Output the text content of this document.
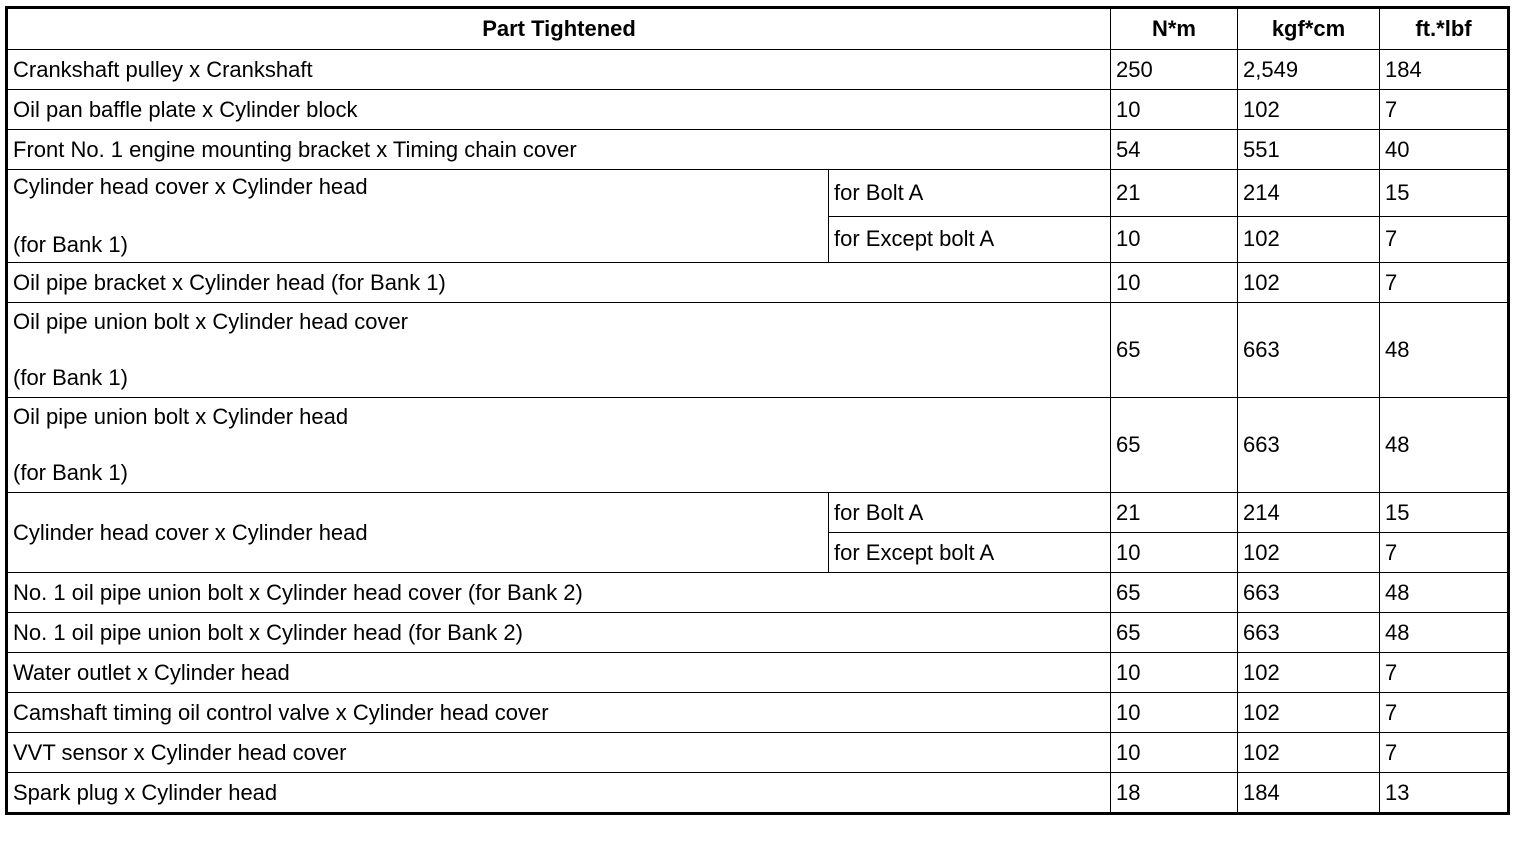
Part Tightened		N*m	kgf*cm	ft.*lbf
Crankshaft pulley x Crankshaft		250	2,549	184
Oil pan baffle plate x Cylinder block		10	102	7
Front No. 1 engine mounting bracket x Timing chain cover		54	551	40

Cylinder head cover x Cylinder head
(for Bank 1)	for Bolt A	21	214	15
	for Except bolt A	10	102	7
Oil pipe bracket x Cylinder head (for Bank 1)		10	102	7

Oil pipe union bolt x Cylinder head cover
(for Bank 1)		65	663	48

Oil pipe union bolt x Cylinder head
(for Bank 1)		65	663	48
Cylinder head cover x Cylinder head	for Bolt A	21	214	15
	for Except bolt A	10	102	7
No. 1 oil pipe union bolt x Cylinder head cover (for Bank 2)		65	663	48
No. 1 oil pipe union bolt x Cylinder head (for Bank 2)		65	663	48
Water outlet x Cylinder head		10	102	7
Camshaft timing oil control valve x Cylinder head cover		10	102	7
VVT sensor x Cylinder head cover		10	102	7
Spark plug x Cylinder head		18	184	13
